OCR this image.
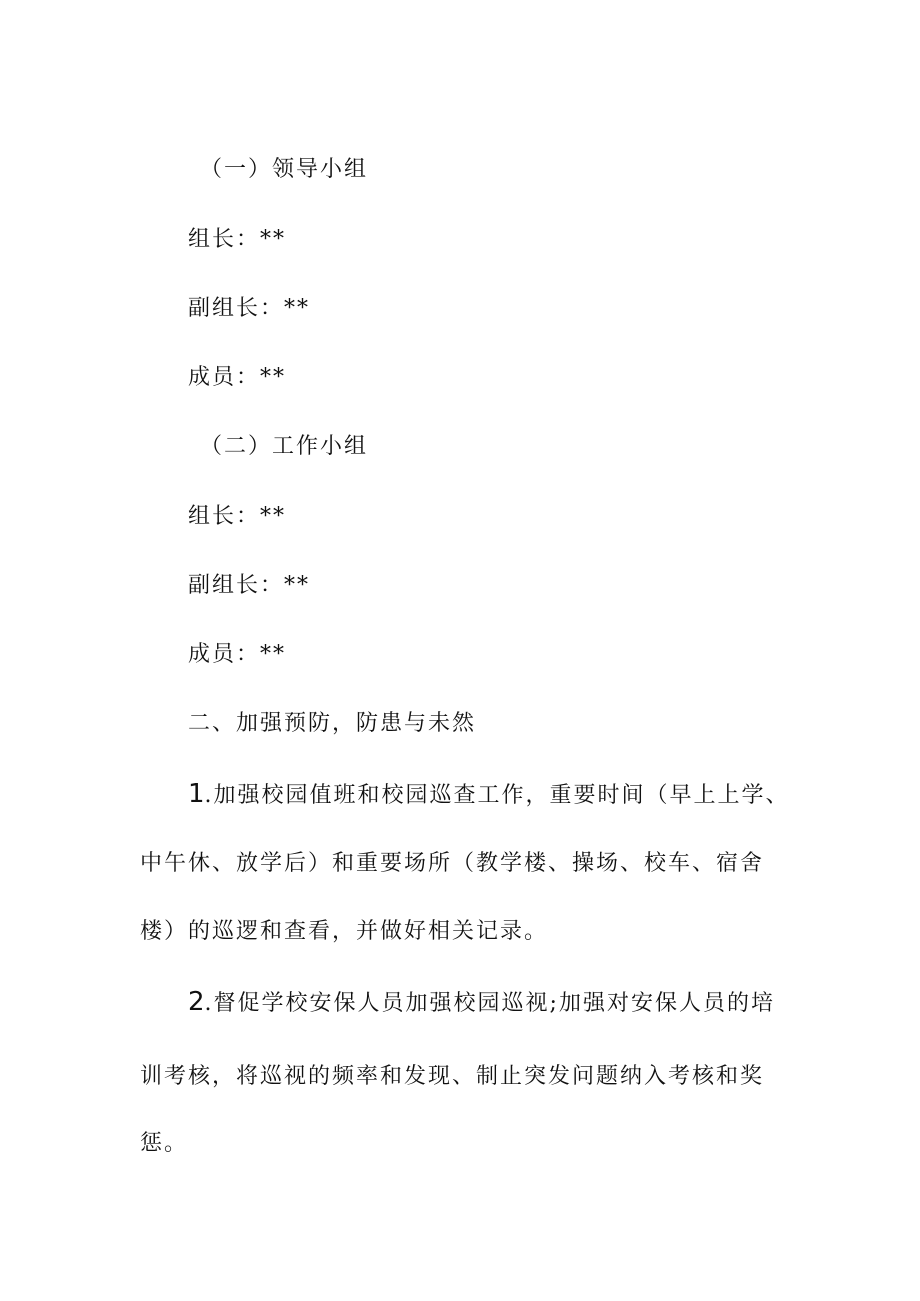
（一）领导小组
组长：**
副组长：**
成员：**
（二）工作小组
组长：**
副组长：**
成员：**
二、加强预防，防患与未然
1.加强校园值班和校园巡查工作，重要时间（早上上学、
中午休、放学后）和重要场所（教学楼、操场、校车、宿舍
楼）的巡逻和查看，并做好相关记录。
2.督促学校安保人员加强校园巡视;加强对安保人员的培
训考核，将巡视的频率和发现、制止突发问题纳入考核和奖
惩。
